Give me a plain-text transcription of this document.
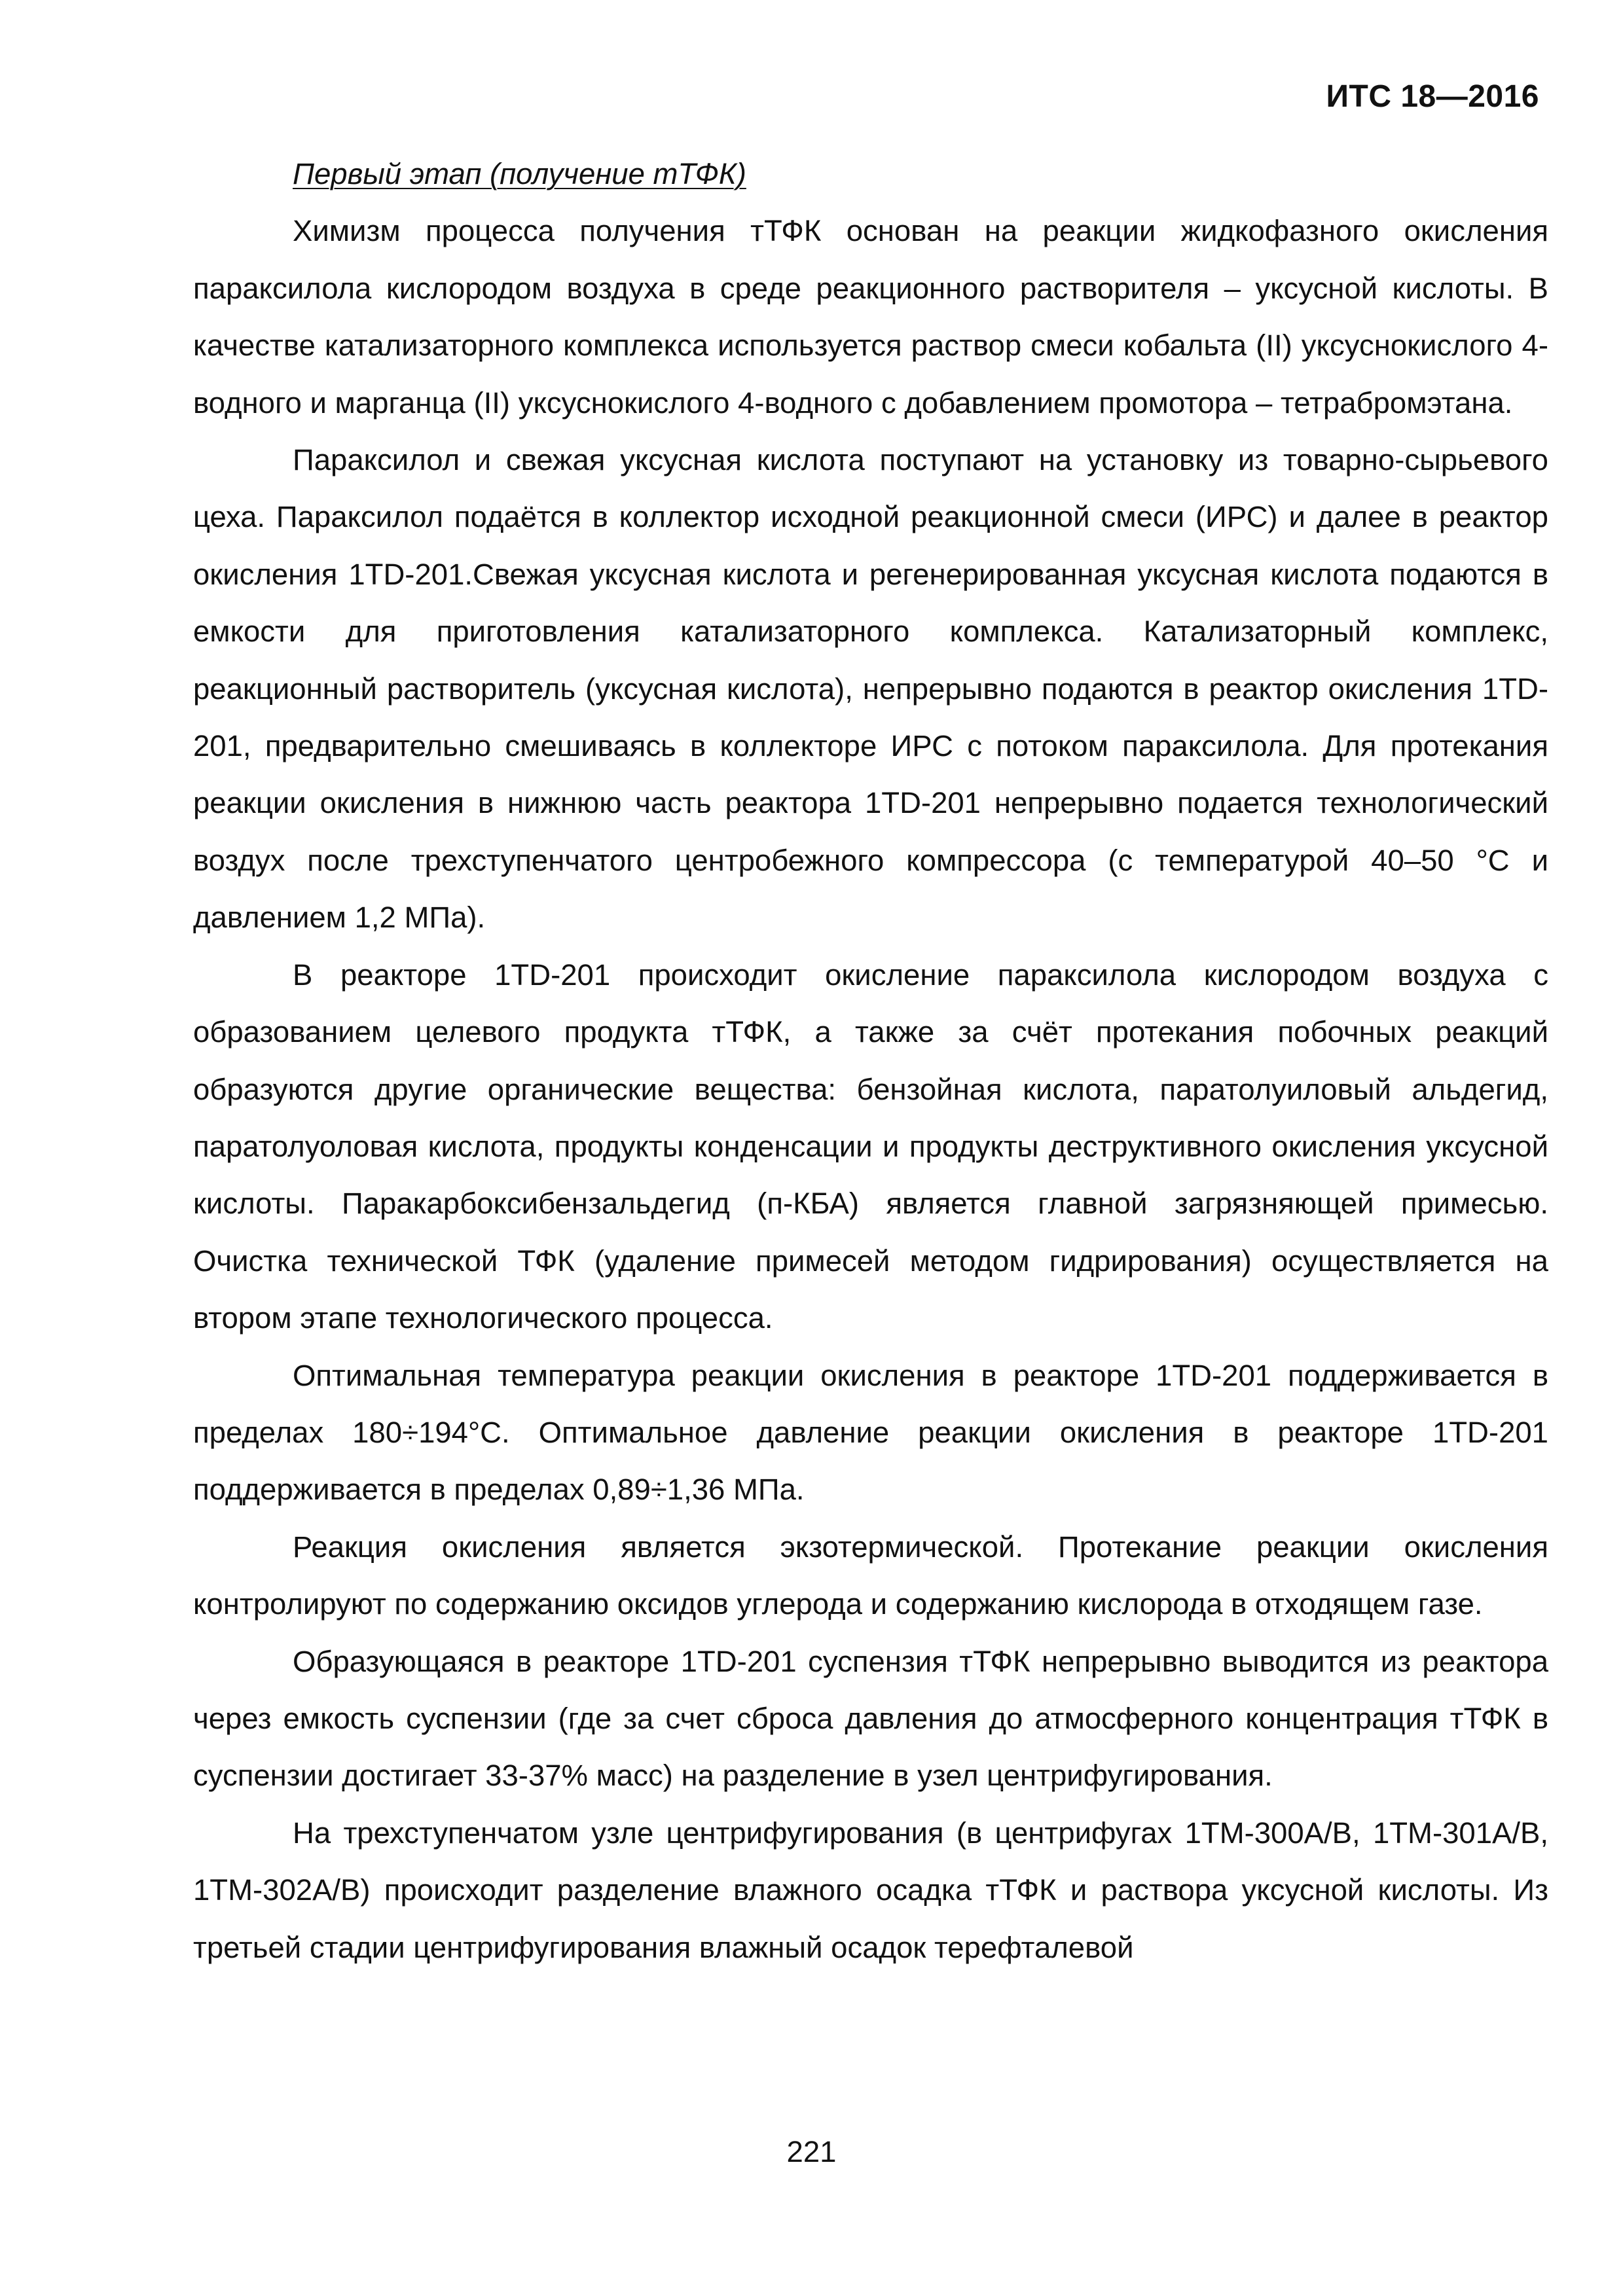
ИТС 18—2016

Первый этап (получение тТФК)

Химизм процесса получения тТФК основан на реакции жидкофазного окисления параксилола кислородом воздуха в среде реакционного растворителя – уксусной кислоты. В качестве катализаторного комплекса используется раствор смеси кобальта (II) уксуснокислого 4-водного и марганца (II) уксуснокислого 4-водного с добавлением промотора – тетрабромэтана.

Параксилол и свежая уксусная кислота поступают на установку из товарно-сырьевого цеха. Параксилол подаётся в коллектор исходной реакционной смеси (ИРС) и далее в реактор окисления 1TD-201.Свежая уксусная кислота и регенерированная уксусная кислота подаются в емкости для приготовления катализаторного комплекса. Катализаторный комплекс, реакционный растворитель (уксусная кислота), непрерывно подаются в реактор окисления 1TD-201, предварительно смешиваясь в коллекторе ИРС с потоком параксилола. Для протекания реакции окисления в нижнюю часть реактора 1TD-201 непрерывно подается технологический воздух после трехступенчатого центробежного компрессора (с температурой 40–50 °С и давлением 1,2 МПа).

В реакторе 1TD-201 происходит окисление параксилола кислородом воздуха с образованием целевого продукта тТФК, а также за счёт протекания побочных реакций образуются другие органические вещества: бензойная кислота, паратолуиловый альдегид, паратолуоловая кислота, продукты конденсации и продукты деструктивного окисления уксусной кислоты. Паракарбоксибензальдегид (п-КБА) является главной загрязняющей примесью. Очистка технической ТФК (удаление примесей методом гидрирования) осуществляется на втором этапе технологического процесса.

Оптимальная температура реакции окисления в реакторе 1TD-201 поддерживается в пределах 180÷194°С. Оптимальное давление реакции окисления в реакторе 1TD-201 поддерживается в пределах 0,89÷1,36 МПа.

Реакция окисления является экзотермической. Протекание реакции окисления контролируют по содержанию оксидов углерода и содержанию кислорода в отходящем газе.

Образующаяся в реакторе 1TD-201 суспензия тТФК непрерывно выводится из реактора через емкость суспензии (где за счет сброса давления до атмосферного концентрация тТФК в суспензии достигает 33-37% масс) на разделение в узел центрифугирования.

На трехступенчатом узле центрифугирования (в центрифугах 1ТМ-300А/В, 1ТМ-301А/В, 1ТМ-302А/В) происходит разделение влажного осадка тТФК и раствора уксусной кислоты. Из третьей стадии центрифугирования влажный осадок терефталевой

221
